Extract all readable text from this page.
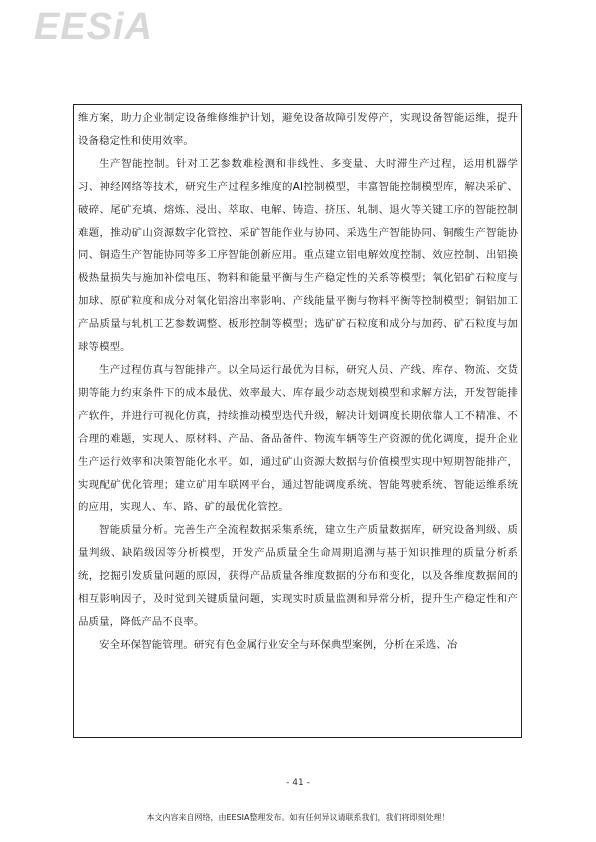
EESiA

维方案，助力企业制定设备维修维护计划，避免设备故障引发停产，实现设备智能运维，提升设备稳定性和使用效率。

生产智能控制。针对工艺参数难检测和非线性、多变量、大时滞生产过程，运用机器学习、神经网络等技术，研究生产过程多维度的AI控制模型，丰富智能控制模型库，解决采矿、破碎、尾矿充填、熔炼、浸出、萃取、电解、铸造、挤压、轧制、退火等关键工序的智能控制难题，推动矿山资源数字化管控、采矿智能作业与协同、采选生产智能协同、铜酸生产智能协同、铜造生产智能协同等多工序智能创新应用。重点建立铝电解效度控制、效应控制、出铝换极热量损失与施加补偿电压、物料和能量平衡与生产稳定性的关系等模型；氧化铝矿石粒度与加球、原矿粒度和成分对氧化铝溶出率影响、产线能量平衡与物料平衡等控制模型；铜铝加工产品质量与轧机工艺参数调整、板形控制等模型；选矿矿石粒度和成分与加药、矿石粒度与加球等模型。

生产过程仿真与智能排产。以全局运行最优为目标，研究人员、产线、库存、物流、交货期等能力约束条件下的成本最优、效率最大、库存最少动态规划模型和求解方法，开发智能排产软件，并进行可视化仿真，持续推动模型迭代升级，解决计划调度长期依靠人工不精准、不合理的难题，实现人、原材料、产品、备品备件、物流车辆等生产资源的优化调度，提升企业生产运行效率和决策智能化水平。如，通过矿山资源大数据与价值模型实现中短期智能排产，实现配矿优化管理；建立矿用车联网平台，通过智能调度系统、智能驾驶系统、智能运维系统的应用，实现人、车、路、矿的最优化管控。

智能质量分析。完善生产全流程数据采集系统，建立生产质量数据库，研究设备判级、质量判级、缺陷级因等分析模型，开发产品质量全生命周期追溯与基于知识推理的质量分析系统，挖掘引发质量问题的原因，获得产品质量各维度数据的分布和变化，以及各维度数据间的相互影响因子，及时觉到关键质量问题，实现实时质量监测和异常分析，提升生产稳定性和产品质量，降低产品不良率。

安全环保智能管理。研究有色金属行业安全与环保典型案例，分析在采选、冶

- 41 -
本文内容来自网络，由EESIA整理发布。如有任何异议请联系我们，我们将即刻处理！
